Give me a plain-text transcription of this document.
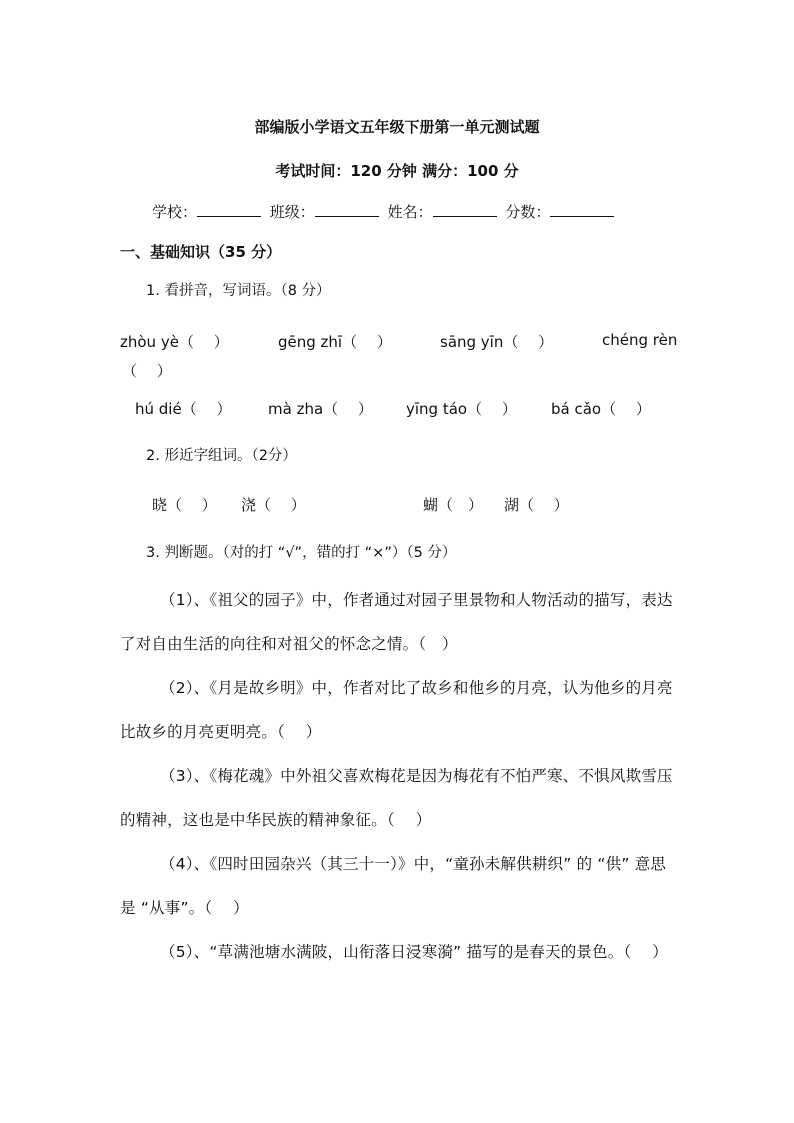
部编版小学语文五年级下册第一单元测试题
考试时间：120 分钟 满分：100 分
学校：	班级：	姓名：	分数：
一、基础知识（35 分）
1. 看拼音，写词语。（8 分）
zhòu yè（　 ）	gēng zhī（　 ）	sāng yīn（　 ）	chéng rèn
（　 ）
hú dié（　 ） mà zha（　 ） yīng táo（　 ） bá cǎo（　 ）
2. 形近字组词。（2分）
晓（　 ） 浇（　 ）	蝴（　） 湖（　 ）
3. 判断题。（对的打 “√”，错的打 “×”）（5 分）
（1）、《祖父的园子》中，作者通过对园子里景物和人物活动的描写，表达了对自由生活的向往和对祖父的怀念之情。（　）
（2）、《月是故乡明》中，作者对比了故乡和他乡的月亮，认为他乡的月亮比故乡的月亮更明亮。（　 ）
（3）、《梅花魂》中外祖父喜欢梅花是因为梅花有不怕严寒、不惧风欺雪压的精神，这也是中华民族的精神象征。（　 ）
（4）、《四时田园杂兴（其三十一）》中，“童孙未解供耕织” 的 “供” 意思是 “从事”。（　 ）
（5）、“草满池塘水满陂，山衔落日浸寒漪” 描写的是春天的景色。（　 ）
